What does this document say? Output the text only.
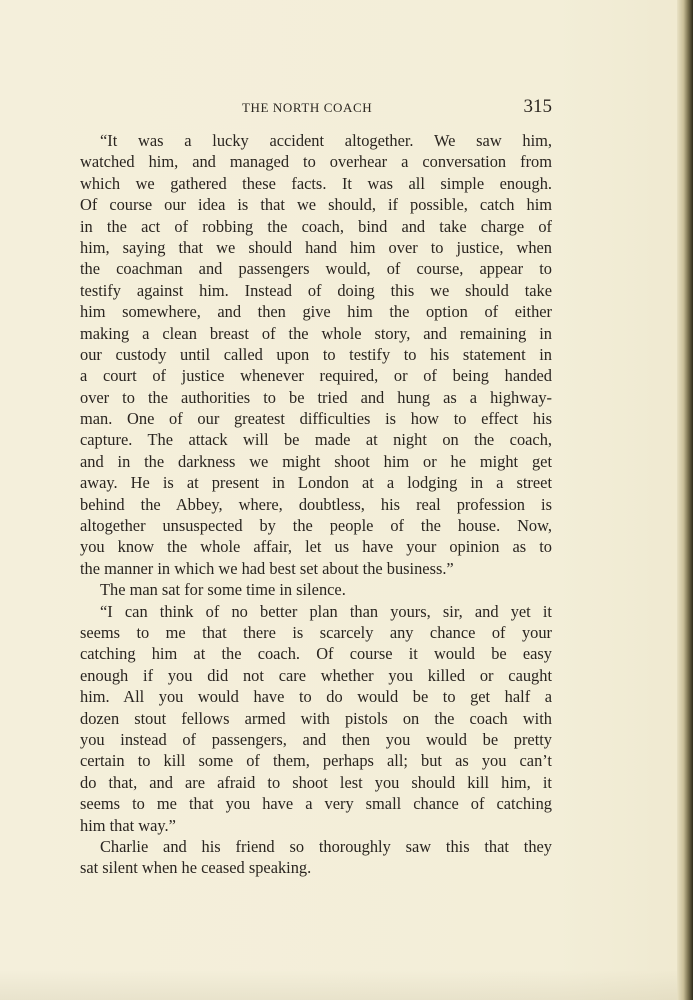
THE NORTH COACH	315
“It was a lucky accident altogether. We saw him,
watched him, and managed to overhear a conversation from
which we gathered these facts. It was all simple enough.
Of course our idea is that we should, if possible, catch him
in the act of robbing the coach, bind and take charge of
him, saying that we should hand him over to justice, when
the coachman and passengers would, of course, appear to
testify against him. Instead of doing this we should take
him somewhere, and then give him the option of either
making a clean breast of the whole story, and remaining in
our custody until called upon to testify to his statement in
a court of justice whenever required, or of being handed
over to the authorities to be tried and hung as a highway-
man. One of our greatest difficulties is how to effect his
capture. The attack will be made at night on the coach,
and in the darkness we might shoot him or he might get
away. He is at present in London at a lodging in a street
behind the Abbey, where, doubtless, his real profession is
altogether unsuspected by the people of the house. Now,
you know the whole affair, let us have your opinion as to
the manner in which we had best set about the business.”
The man sat for some time in silence.
“I can think of no better plan than yours, sir, and yet it
seems to me that there is scarcely any chance of your
catching him at the coach. Of course it would be easy
enough if you did not care whether you killed or caught
him. All you would have to do would be to get half a
dozen stout fellows armed with pistols on the coach with
you instead of passengers, and then you would be pretty
certain to kill some of them, perhaps all; but as you can’t
do that, and are afraid to shoot lest you should kill him, it
seems to me that you have a very small chance of catching
him that way.”
Charlie and his friend so thoroughly saw this that they
sat silent when he ceased speaking.
